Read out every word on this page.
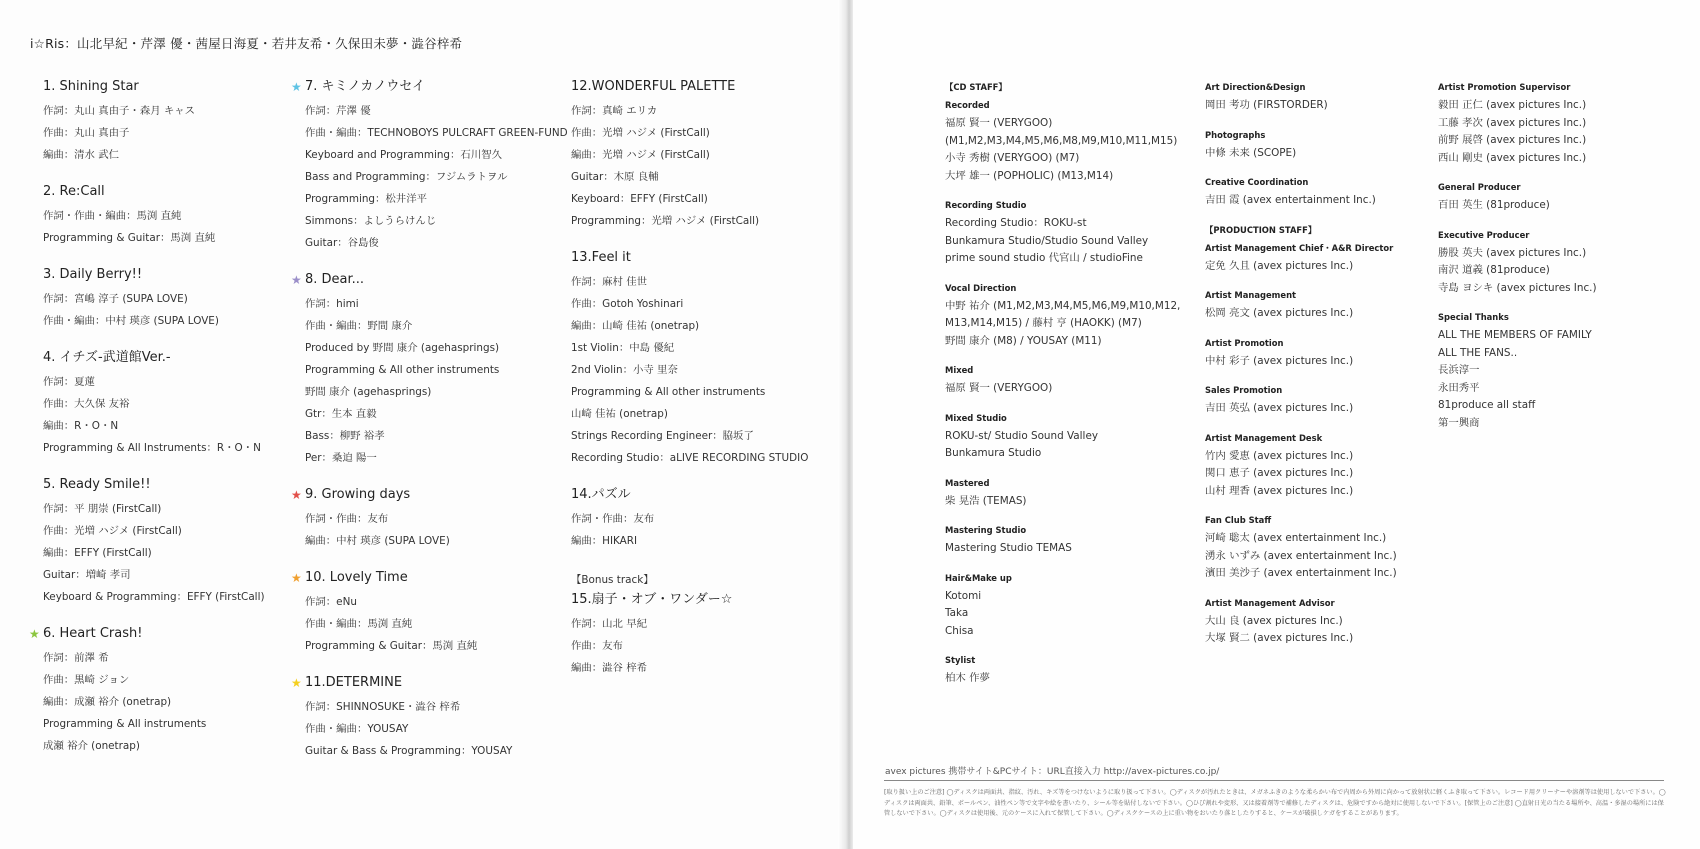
i☆Ris：山北早紀・芹澤 優・茜屋日海夏・若井友希・久保田未夢・澁谷梓希
1. Shining Star
作詞：丸山 真由子・森月 キャス
作曲：丸山 真由子
編曲：清水 武仁
2. Re:Call
作詞・作曲・編曲：馬渕 直純
Programming & Guitar：馬渕 直純
3. Daily Berry!!
作詞：宮嶋 淳子 (SUPA LOVE)
作曲・編曲：中村 瑛彦 (SUPA LOVE)
4. イチズ-武道館Ver.-
作詞：夏蓮
作曲：大久保 友裕
編曲：R・O・N
Programming & All Instruments：R・O・N
5. Ready Smile!!
作詞：平 朋崇 (FirstCall)
作曲：光増 ハジメ (FirstCall)
編曲：EFFY (FirstCall)
Guitar：増崎 孝司
Keyboard & Programming：EFFY (FirstCall)
★ 6. Heart Crash!
作詞：前澤 希
作曲：黒崎 ジョン
編曲：成瀬 裕介 (onetrap)
Programming & All instruments
成瀬 裕介 (onetrap)
★ 7. キミノカノウセイ
作詞：芹澤 優
作曲・編曲：TECHNOBOYS PULCRAFT GREEN-FUND
Keyboard and Programming：石川智久
Bass and Programming：フジムラトヲル
Programming：松井洋平
Simmons：よしうらけんじ
Guitar：谷島俊
★ 8. Dear...
作詞：himi
作曲・編曲：野間 康介
Produced by 野間 康介 (agehasprings)
Programming & All other instruments
野間 康介 (agehasprings)
Gtr：生本 直毅
Bass：柳野 裕孝
Per：桑迫 陽一
★ 9. Growing days
作詞・作曲：友布
編曲：中村 瑛彦 (SUPA LOVE)
★ 10. Lovely Time
作詞：eNu
作曲・編曲：馬渕 直純
Programming & Guitar：馬渕 直純
★ 11.DETERMINE
作詞：SHINNOSUKE・澁谷 梓希
作曲・編曲：YOUSAY
Guitar & Bass & Programming：YOUSAY
12.WONDERFUL PALETTE
作詞：真崎 エリカ
作曲：光増 ハジメ (FirstCall)
編曲：光増 ハジメ (FirstCall)
Guitar：木原 良輔
Keyboard：EFFY (FirstCall)
Programming：光増 ハジメ (FirstCall)
13.Feel it
作詞：麻村 佳世
作曲：Gotoh Yoshinari
編曲：山崎 佳祐 (onetrap)
1st Violin：中島 優紀
2nd Violin：小寺 里奈
Programming & All other instruments
山崎 佳祐 (onetrap)
Strings Recording Engineer：脇坂了
Recording Studio：aLIVE RECORDING STUDIO
14.パズル
作詞・作曲：友布
編曲：HIKARI
【Bonus track】
15.扇子・オブ・ワンダー☆
作詞：山北 早紀
作曲：友布
編曲：澁谷 梓希
【CD STAFF】
Recorded
福原 賢一 (VERYGOO)
(M1,M2,M3,M4,M5,M6,M8,M9,M10,M11,M15)
小寺 秀樹 (VERYGOO) (M7)
大坪 雄一 (POPHOLIC) (M13,M14)
Recording Studio
Recording Studio：ROKU-st
Bunkamura Studio/Studio Sound Valley
prime sound studio 代官山 / studioFine
Vocal Direction
中野 祐介 (M1,M2,M3,M4,M5,M6,M9,M10,M12,
M13,M14,M15) / 藤村 亨 (HAOKK) (M7)
野間 康介 (M8) / YOUSAY (M11)
Mixed
福原 賢一 (VERYGOO)
Mixed Studio
ROKU-st/ Studio Sound Valley
Bunkamura Studio
Mastered
柴 晃浩 (TEMAS)
Mastering Studio
Mastering Studio TEMAS
Hair&Make up
Kotomi
Taka
Chisa
Stylist
柏木 作夢
Art Direction&Design
岡田 考功 (FIRSTORDER)
Photographs
中條 未来 (SCOPE)
Creative Coordination
吉田 霞 (avex entertainment Inc.)
【PRODUCTION STAFF】
Artist Management Chief・A&R Director
定免 久且 (avex pictures Inc.)
Artist Management
松岡 亮文 (avex pictures Inc.)
Artist Promotion
中村 彩子 (avex pictures Inc.)
Sales Promotion
吉田 英弘 (avex pictures Inc.)
Artist Management Desk
竹内 愛恵 (avex pictures Inc.)
関口 恵子 (avex pictures Inc.)
山村 理香 (avex pictures Inc.)
Fan Club Staff
河崎 聡太 (avex entertainment Inc.)
湧永 いずみ (avex entertainment Inc.)
濱田 美沙子 (avex entertainment Inc.)
Artist Management Advisor
大山 良 (avex pictures Inc.)
大塚 賢二 (avex pictures Inc.)
Artist Promotion Supervisor
毅田 正仁 (avex pictures Inc.)
工藤 孝次 (avex pictures Inc.)
前野 展啓 (avex pictures Inc.)
西山 剛史 (avex pictures Inc.)
General Producer
百田 英生 (81produce)
Executive Producer
勝股 英夫 (avex pictures Inc.)
南沢 道義 (81produce)
寺島 ヨシキ (avex pictures Inc.)
Special Thanks
ALL THE MEMBERS OF FAMILY
ALL THE FANS..
長浜淳一
永田秀平
81produce all staff
第一興商
avex pictures 携帯サイト&PCサイト：URL直接入力 http://avex-pictures.co.jp/
[取り扱い上のご注意] ◯ディスクは両面共、指紋、汚れ、キズ等をつけないように取り扱って下さい。◯ディスクが汚れたときは、メガネふきのような柔らかい布で内周から外周に向かって放射状に軽くふき取って下さい。レコード用クリーナーや溶剤等は使用しないで下さい。◯ディスクは両面共、鉛筆、ボールペン、油性ペン等で文字や絵を書いたり、シール等を貼付しないで下さい。◯ひび割れや変形、又は接着剤等で補修したディスクは、危険ですから絶対に使用しないで下さい。[保管上のご注意] ◯直射日光の当たる場所や、高温・多湿の場所には保管しないで下さい。◯ディスクは使用後、元のケースに入れて保管して下さい。◯ディスクケースの上に重い物をおいたり落としたりすると、ケースが破損しケガをすることがあります。
